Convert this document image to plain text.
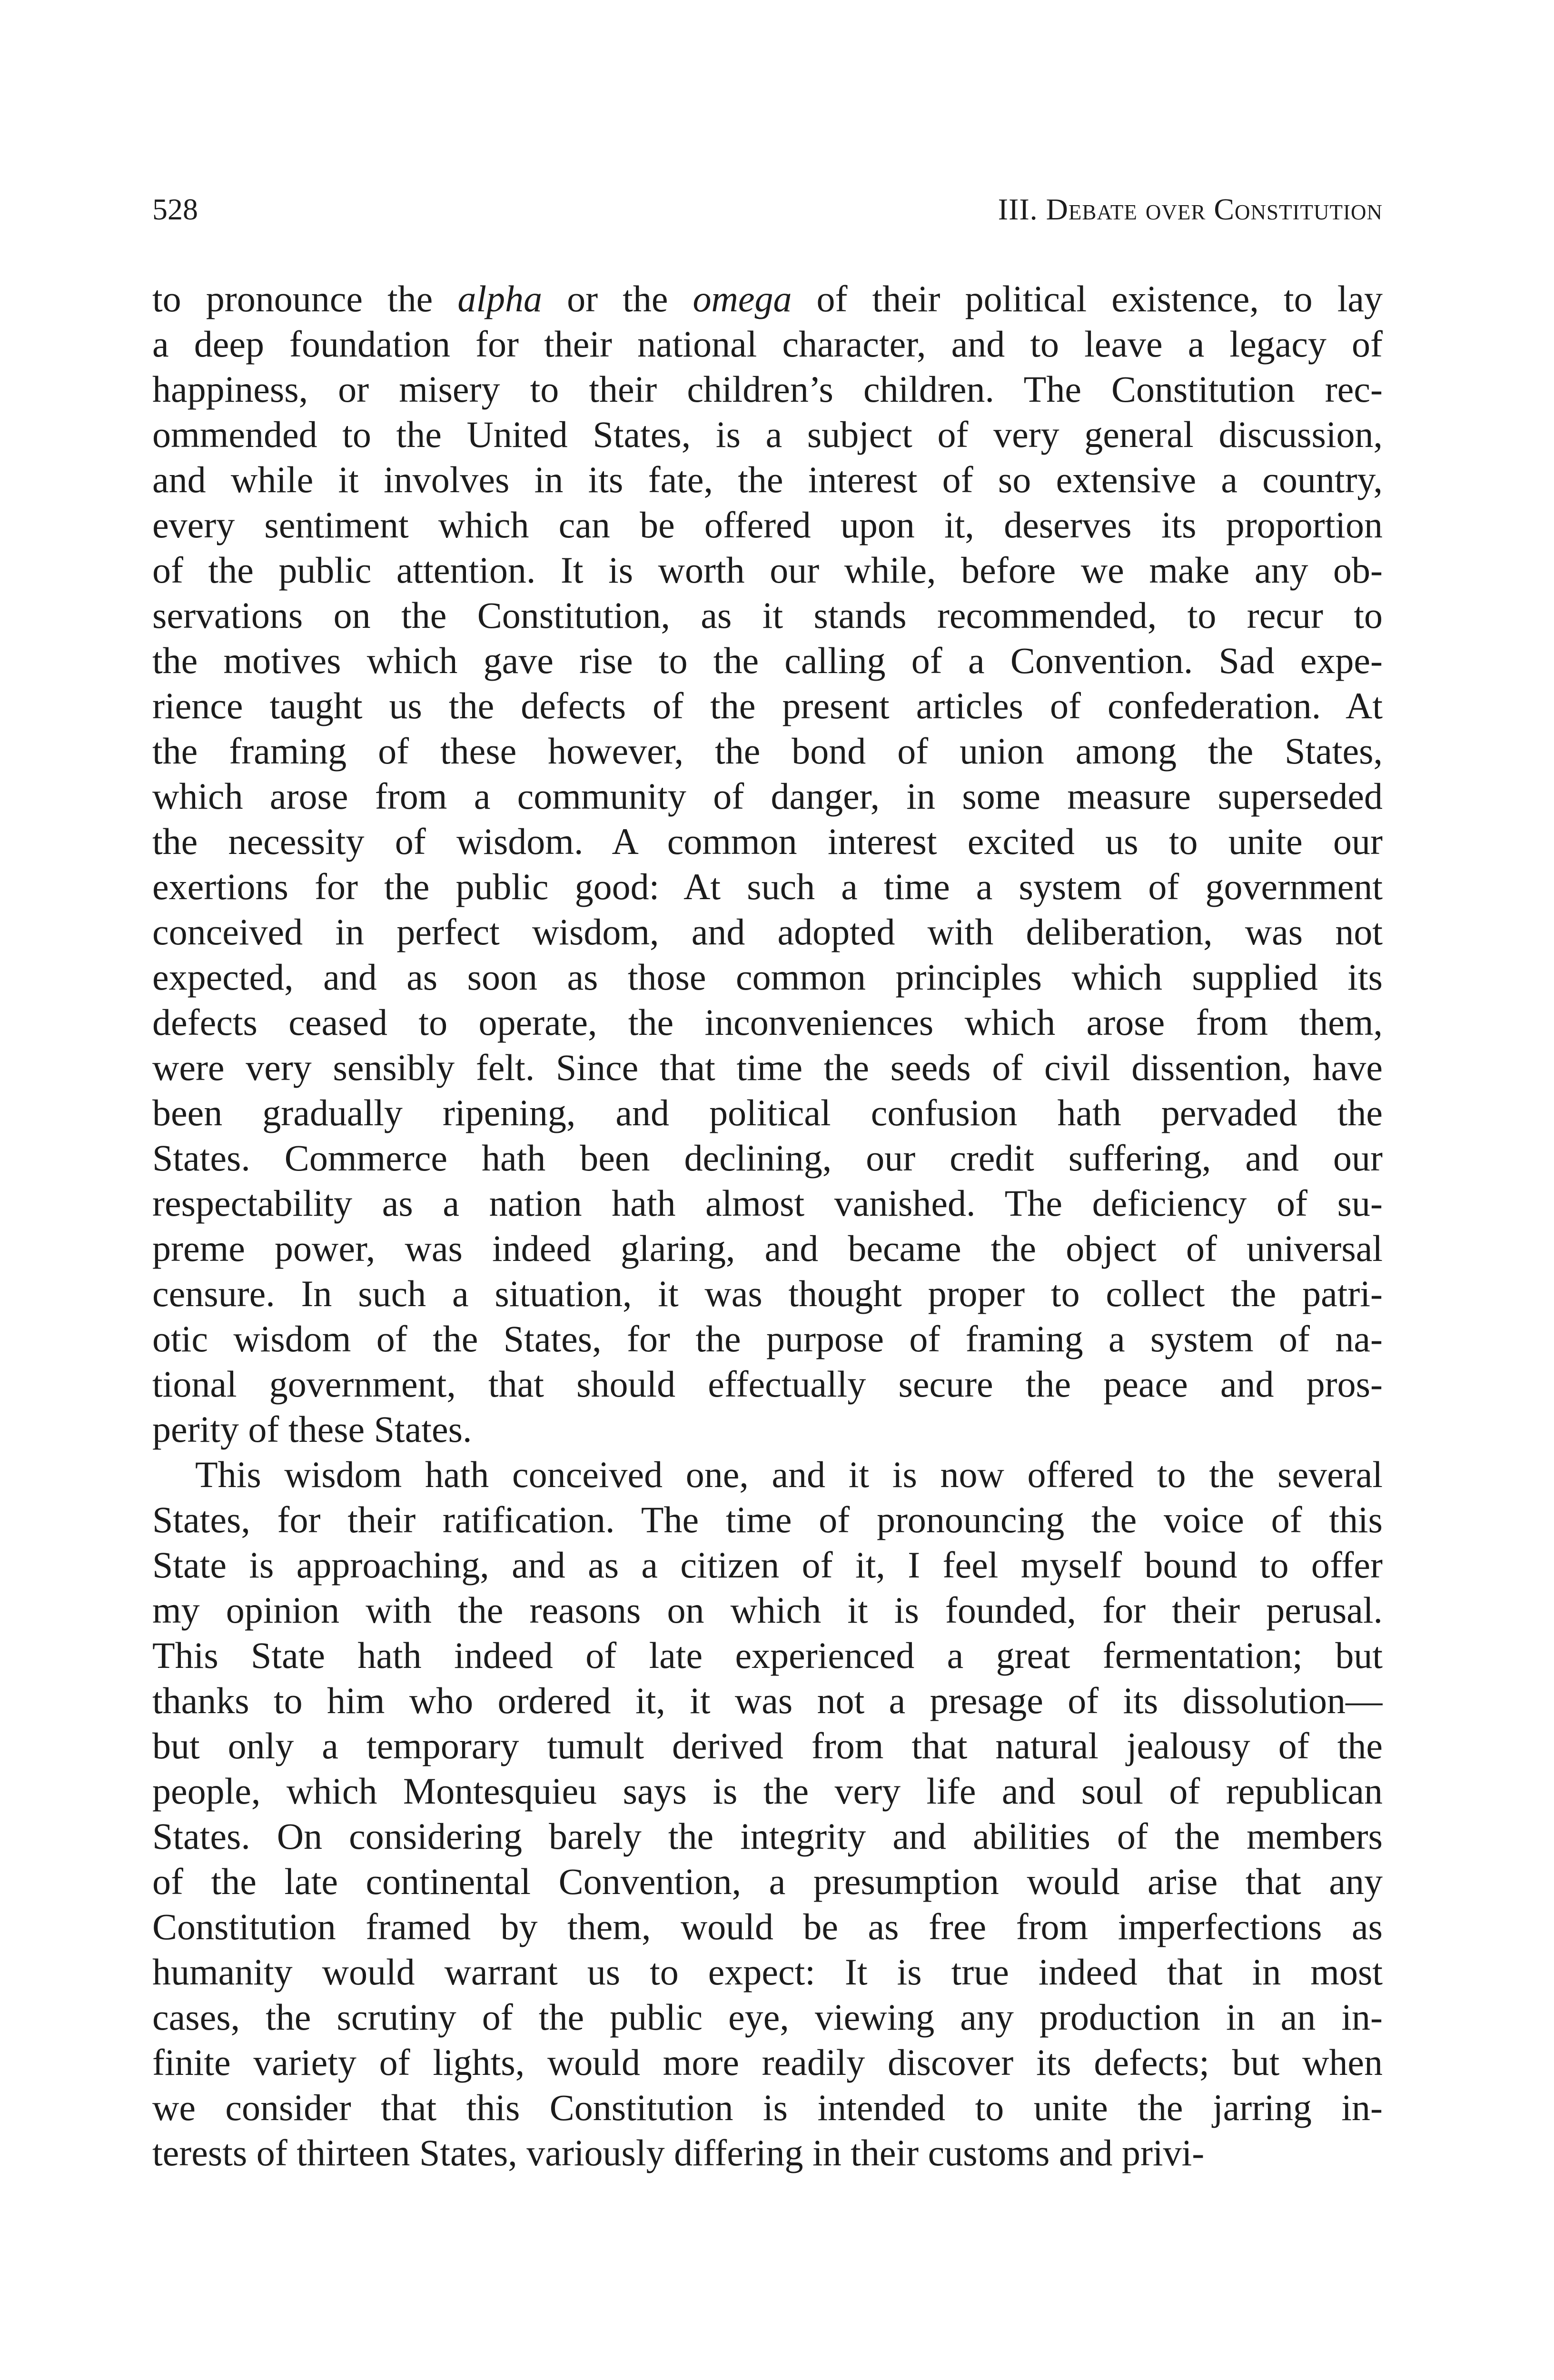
528	III. Debate over Constitution
to pronounce the alpha or the omega of their political existence, to lay
a deep foundation for their national character, and to leave a legacy of
happiness, or misery to their children’s children. The Constitution rec-
ommended to the United States, is a subject of very general discussion,
and while it involves in its fate, the interest of so extensive a country,
every sentiment which can be offered upon it, deserves its proportion
of the public attention. It is worth our while, before we make any ob-
servations on the Constitution, as it stands recommended, to recur to
the motives which gave rise to the calling of a Convention. Sad expe-
rience taught us the defects of the present articles of confederation. At
the framing of these however, the bond of union among the States,
which arose from a community of danger, in some measure superseded
the necessity of wisdom. A common interest excited us to unite our
exertions for the public good: At such a time a system of government
conceived in perfect wisdom, and adopted with deliberation, was not
expected, and as soon as those common principles which supplied its
defects ceased to operate, the inconveniences which arose from them,
were very sensibly felt. Since that time the seeds of civil dissention, have
been gradually ripening, and political confusion hath pervaded the
States. Commerce hath been declining, our credit suffering, and our
respectability as a nation hath almost vanished. The deficiency of su-
preme power, was indeed glaring, and became the object of universal
censure. In such a situation, it was thought proper to collect the patri-
otic wisdom of the States, for the purpose of framing a system of na-
tional government, that should effectually secure the peace and pros-
perity of these States.
This wisdom hath conceived one, and it is now offered to the several
States, for their ratification. The time of pronouncing the voice of this
State is approaching, and as a citizen of it, I feel myself bound to offer
my opinion with the reasons on which it is founded, for their perusal.
This State hath indeed of late experienced a great fermentation; but
thanks to him who ordered it, it was not a presage of its dissolution—
but only a temporary tumult derived from that natural jealousy of the
people, which Montesquieu says is the very life and soul of republican
States. On considering barely the integrity and abilities of the members
of the late continental Convention, a presumption would arise that any
Constitution framed by them, would be as free from imperfections as
humanity would warrant us to expect: It is true indeed that in most
cases, the scrutiny of the public eye, viewing any production in an in-
finite variety of lights, would more readily discover its defects; but when
we consider that this Constitution is intended to unite the jarring in-
terests of thirteen States, variously differing in their customs and privi-
